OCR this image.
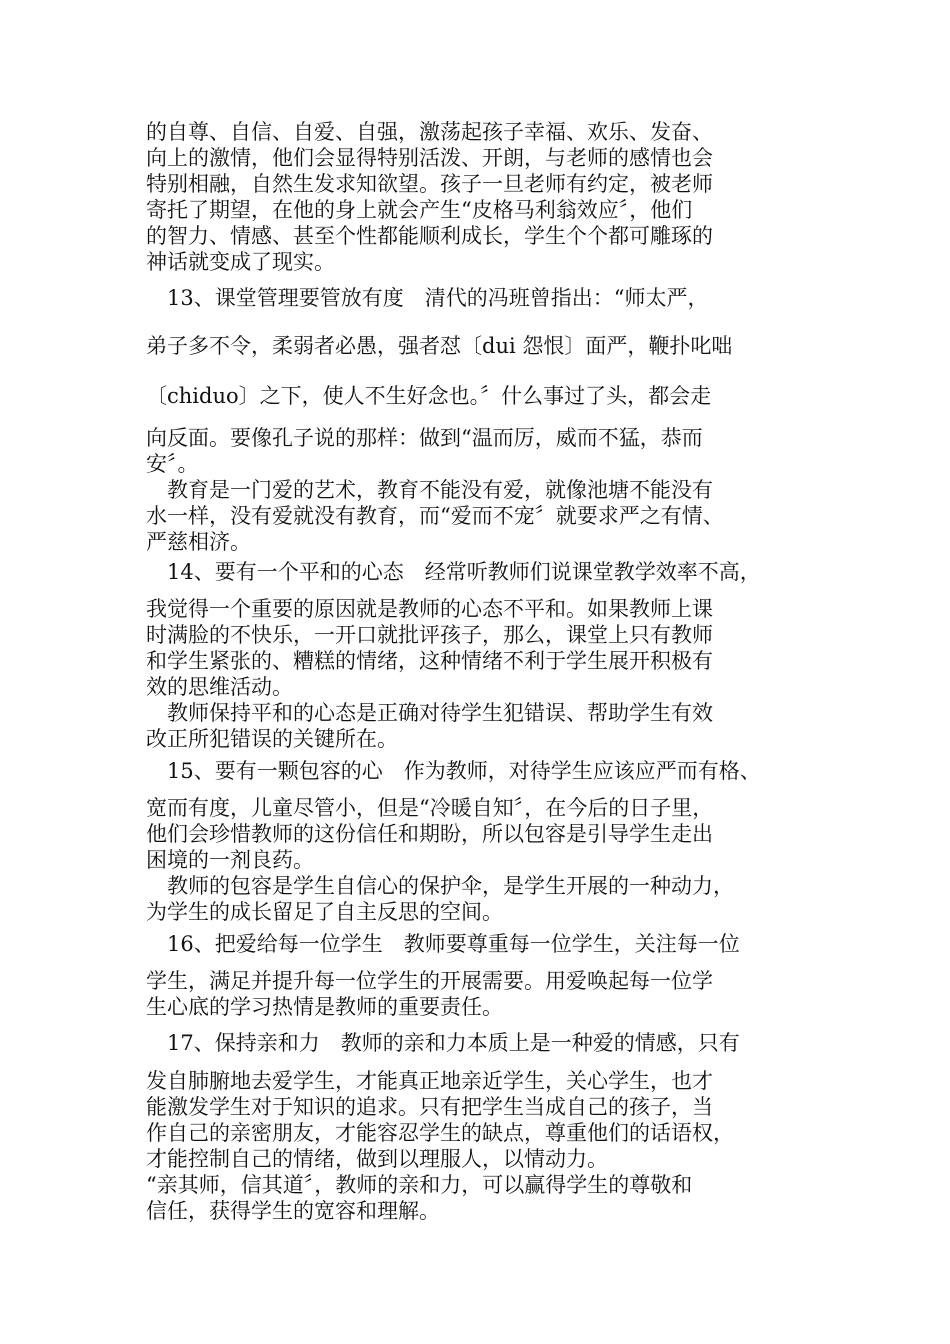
的自尊、自信、自爱、自强，激荡起孩子幸福、欢乐、发奋、
向上的激情，他们会显得特别活泼、开朗，与老师的感情也会
特别相融，自然生发求知欲望。孩子一旦老师有约定，被老师
寄托了期望，在他的身上就会产生“皮格马利翁效应〞，他们
的智力、情感、甚至个性都能顺利成长，学生个个都可雕琢的
神话就变成了现实。
　13、课堂管理要管放有度　清代的冯班曾指出：“师太严，
弟子多不令，柔弱者必愚，强者怼〔dui 怨恨〕面严，鞭扑叱咄
〔chiduo〕之下，使人不生好念也。〞什么事过了头，都会走
向反面。要像孔子说的那样：做到“温而厉，威而不猛，恭而
安〞。
　教育是一门爱的艺术，教育不能没有爱，就像池塘不能没有
水一样，没有爱就没有教育，而“爱而不宠〞就要求严之有情、
严慈相济。
　14、要有一个平和的心态　经常听教师们说课堂教学效率不高，
我觉得一个重要的原因就是教师的心态不平和。如果教师上课
时满脸的不快乐，一开口就批评孩子，那么，课堂上只有教师
和学生紧张的、糟糕的情绪，这种情绪不利于学生展开积极有
效的思维活动。
　教师保持平和的心态是正确对待学生犯错误、帮助学生有效
改正所犯错误的关键所在。
　15、要有一颗包容的心　作为教师，对待学生应该应严而有格、
宽而有度，儿童尽管小，但是“冷暖自知〞，在今后的日子里，
他们会珍惜教师的这份信任和期盼，所以包容是引导学生走出
困境的一剂良药。
　教师的包容是学生自信心的保护伞，是学生开展的一种动力，
为学生的成长留足了自主反思的空间。
　16、把爱给每一位学生　教师要尊重每一位学生，关注每一位
学生，满足并提升每一位学生的开展需要。用爱唤起每一位学
生心底的学习热情是教师的重要责任。
　17、保持亲和力　教师的亲和力本质上是一种爱的情感，只有
发自肺腑地去爱学生，才能真正地亲近学生，关心学生，也才
能激发学生对于知识的追求。只有把学生当成自己的孩子，当
作自己的亲密朋友，才能容忍学生的缺点，尊重他们的话语权，
才能控制自己的情绪，做到以理服人，以情动力。
“亲其师，信其道〞，教师的亲和力，可以赢得学生的尊敬和
信任，获得学生的宽容和理解。
